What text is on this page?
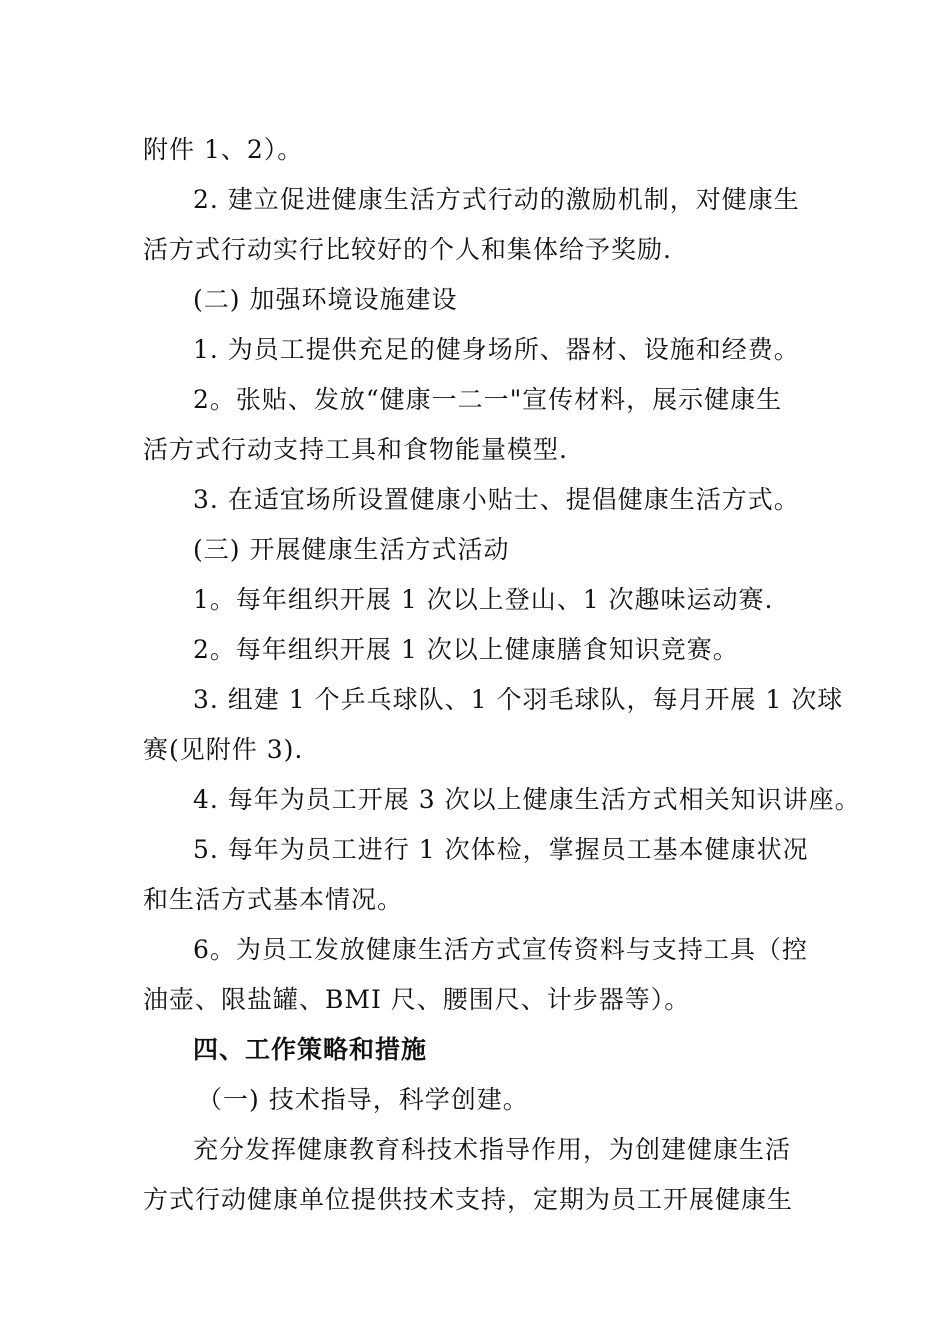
附件 1、2）。
2. 建立促进健康生活方式行动的激励机制，对健康生
活方式行动实行比较好的个人和集体给予奖励.
(二) 加强环境设施建设
1. 为员工提供充足的健身场所、器材、设施和经费。
2。张贴、发放“健康一二一"宣传材料，展示健康生
活方式行动支持工具和食物能量模型.
3. 在适宜场所设置健康小贴士、提倡健康生活方式。
(三) 开展健康生活方式活动
1。每年组织开展 1 次以上登山、1 次趣味运动赛.
2。每年组织开展 1 次以上健康膳食知识竞赛。
3. 组建 1 个乒乓球队、1 个羽毛球队，每月开展 1 次球
赛(见附件 3).
4. 每年为员工开展 3 次以上健康生活方式相关知识讲座。
5. 每年为员工进行 1 次体检，掌握员工基本健康状况
和生活方式基本情况。
6。为员工发放健康生活方式宣传资料与支持工具（控
油壶、限盐罐、BMI 尺、腰围尺、计步器等）。
四、工作策略和措施
（一) 技术指导，科学创建。
充分发挥健康教育科技术指导作用，为创建健康生活
方式行动健康单位提供技术支持，定期为员工开展健康生
